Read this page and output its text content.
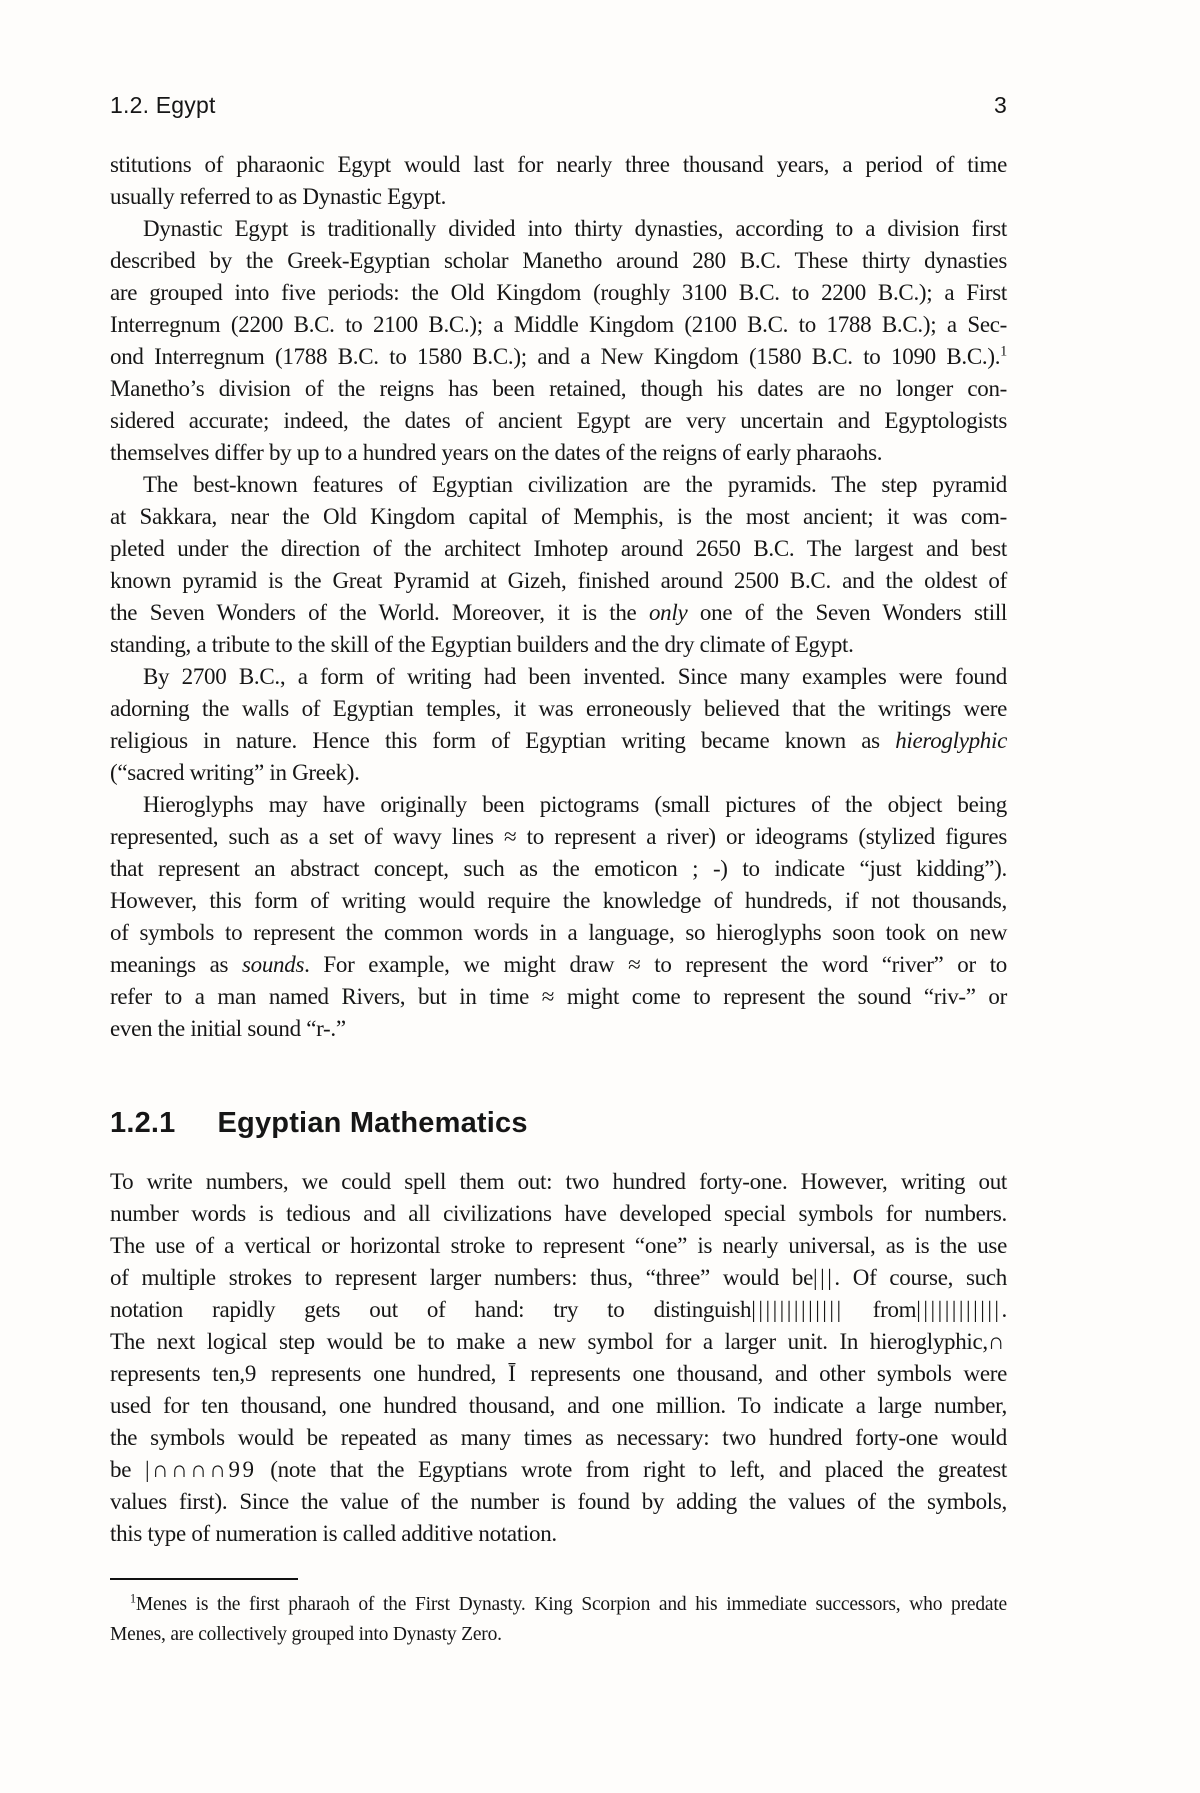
1.2. Egypt	3
stitutions of pharaonic Egypt would last for nearly three thousand years, a period of time
usually referred to as Dynastic Egypt.
Dynastic Egypt is traditionally divided into thirty dynasties, according to a division first
described by the Greek-Egyptian scholar Manetho around 280 B.C. These thirty dynasties
are grouped into five periods: the Old Kingdom (roughly 3100 B.C. to 2200 B.C.); a First
Interregnum (2200 B.C. to 2100 B.C.); a Middle Kingdom (2100 B.C. to 1788 B.C.); a Sec-
ond Interregnum (1788 B.C. to 1580 B.C.); and a New Kingdom (1580 B.C. to 1090 B.C.).$^1$
Manetho’s division of the reigns has been retained, though his dates are no longer con-
sidered accurate; indeed, the dates of ancient Egypt are very uncertain and Egyptologists
themselves differ by up to a hundred years on the dates of the reigns of early pharaohs.
The best-known features of Egyptian civilization are the pyramids. The step pyramid
at Sakkara, near the Old Kingdom capital of Memphis, is the most ancient; it was com-
pleted under the direction of the architect Imhotep around 2650 B.C. The largest and best
known pyramid is the Great Pyramid at Gizeh, finished around 2500 B.C. and the oldest of
the Seven Wonders of the World. Moreover, it is the only one of the Seven Wonders still
standing, a tribute to the skill of the Egyptian builders and the dry climate of Egypt.
By 2700 B.C., a form of writing had been invented. Since many examples were found
adorning the walls of Egyptian temples, it was erroneously believed that the writings were
religious in nature. Hence this form of Egyptian writing became known as hieroglyphic
(“sacred writing” in Greek).
Hieroglyphs may have originally been pictograms (small pictures of the object being
represented, such as a set of wavy lines ≈ to represent a river) or ideograms (stylized figures
that represent an abstract concept, such as the emoticon ; -) to indicate “just kidding”).
However, this form of writing would require the knowledge of hundreds, if not thousands,
of symbols to represent the common words in a language, so hieroglyphs soon took on new
meanings as sounds. For example, we might draw ≈ to represent the word “river” or to
refer to a man named Rivers, but in time ≈ might come to represent the sound “riv-” or
even the initial sound “r-.”
1.2.1 Egyptian Mathematics
To write numbers, we could spell them out: two hundred forty-one. However, writing out
number words is tedious and all civilizations have developed special symbols for numbers.
The use of a vertical or horizontal stroke to represent “one” is nearly universal, as is the use
of multiple strokes to represent larger numbers: thus, “three” would be|||. Of course, such
notation rapidly gets out of hand: try to distinguish||||||||||||| from||||||||||||.
The next logical step would be to make a new symbol for a larger unit. In hieroglyphic,∩
represents ten,9 represents one hundred, Ī represents one thousand, and other symbols were
used for ten thousand, one hundred thousand, and one million. To indicate a large number,
the symbols would be repeated as many times as necessary: two hundred forty-one would
be |∩∩∩∩99 (note that the Egyptians wrote from right to left, and placed the greatest
values first). Since the value of the number is found by adding the values of the symbols,
this type of numeration is called additive notation.
$^1$Menes is the first pharaoh of the First Dynasty. King Scorpion and his immediate successors, who predate
Menes, are collectively grouped into Dynasty Zero.
